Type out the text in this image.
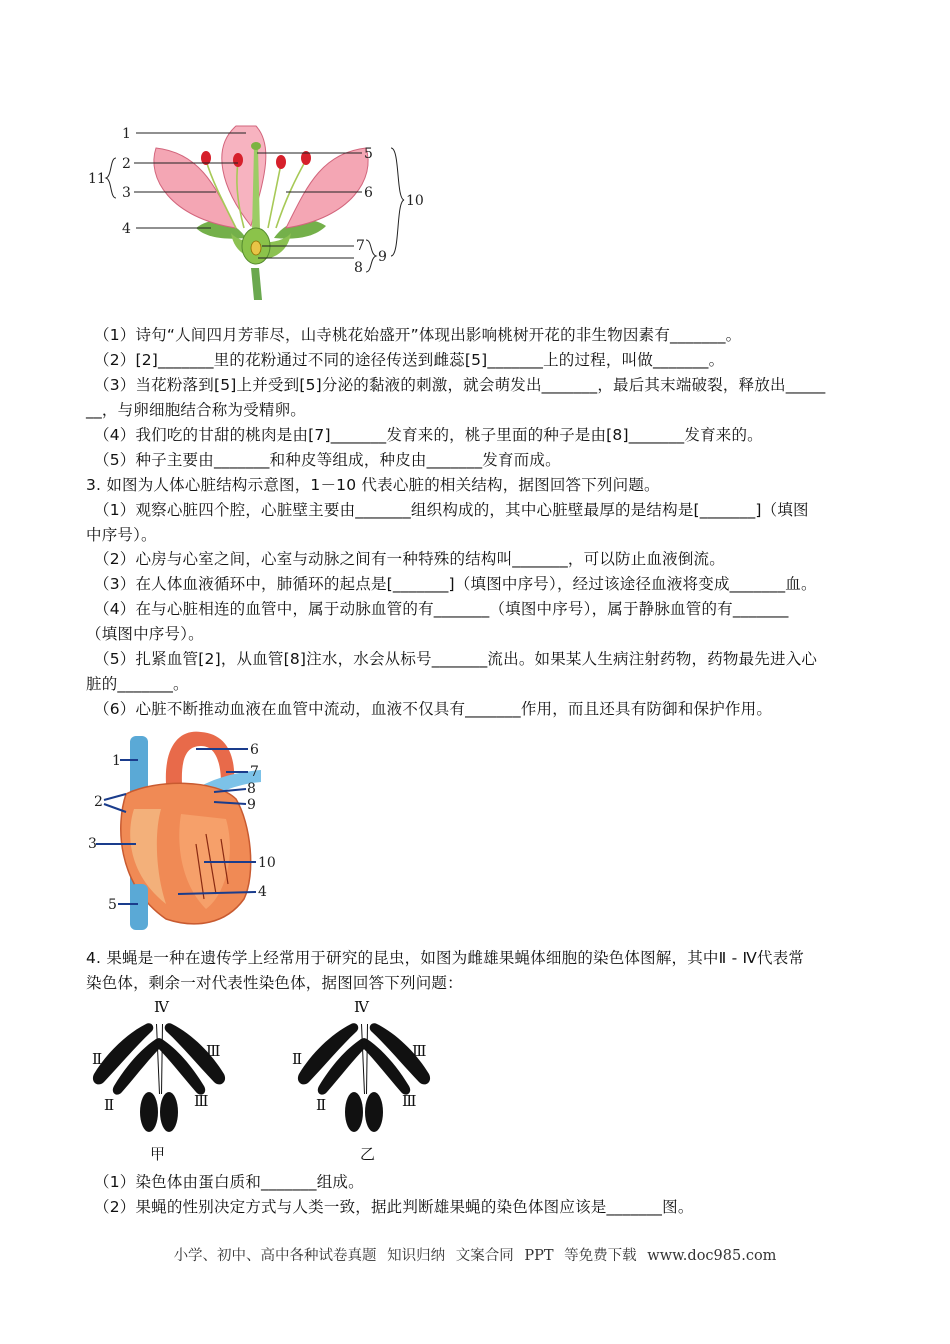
1
2
3
4
5
6
7
8
9
10
11
（1）诗句“人间四月芳菲尽，山寺桃花始盛开”体现出影响桃树开花的非生物因素有_______。
（2）[2]_______里的花粉通过不同的途径传送到雌蕊[5]_______上的过程，叫做_______。
（3）当花粉落到[5]上并受到[5]分泌的黏液的刺激，就会萌发出_______，最后其末端破裂，释放出_____
__，与卵细胞结合称为受精卵。
（4）我们吃的甘甜的桃肉是由[7]_______发育来的，桃子里面的种子是由[8]_______发育来的。
（5）种子主要由_______和种皮等组成，种皮由_______发育而成。
3. 如图为人体心脏结构示意图，1－10 代表心脏的相关结构，据图回答下列问题。
（1）观察心脏四个腔，心脏壁主要由_______组织构成的，其中心脏壁最厚的是结构是[_______]（填图
中序号）。
（2）心房与心室之间，心室与动脉之间有一种特殊的结构叫_______，可以防止血液倒流。
（3）在人体血液循环中，肺循环的起点是[_______]（填图中序号），经过该途径血液将变成_______血。
（4）在与心脏相连的血管中，属于动脉血管的有_______（填图中序号），属于静脉血管的有_______
（填图中序号）。
（5）扎紧血管[2]，从血管[8]注水，水会从标号_______流出。如果某人生病注射药物，药物最先进入心
脏的_______。
（6）心脏不断推动血液在血管中流动，血液不仅具有_______作用，而且还具有防御和保护作用。
1
2
3
5
6
7
8
9
10
4
4. 果蝇是一种在遗传学上经常用于研究的昆虫，如图为雌雄果蝇体细胞的染色体图解，其中Ⅱ - Ⅳ代表常
染色体，剩余一对代表性染色体，据图回答下列问题：
Ⅳ
Ⅱ	Ⅲ
Ⅱ	Ⅲ
甲
Ⅳ
Ⅱ	Ⅲ
Ⅱ	Ⅲ
乙
（1）染色体由蛋白质和_______组成。
（2）果蝇的性别决定方式与人类一致，据此判断雄果蝇的染色体图应该是_______图。
小学、初中、高中各种试卷真题 知识归纳 文案合同 PPT 等免费下载 www.doc985.com
